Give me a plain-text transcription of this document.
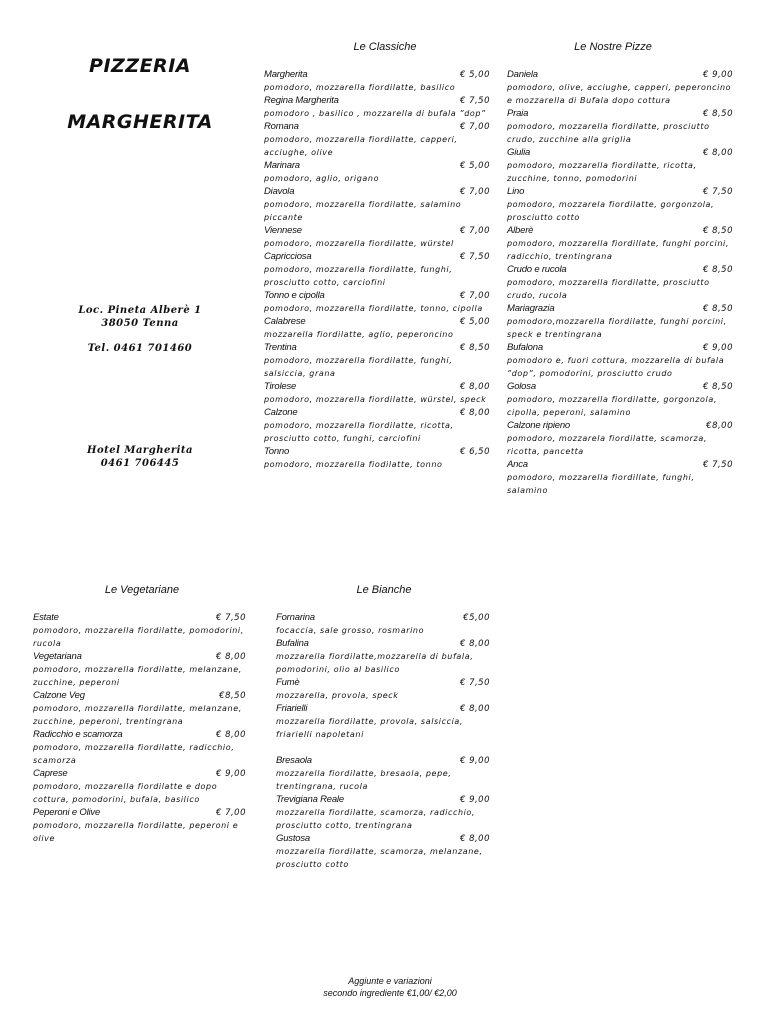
PIZZERIA
MARGHERITA
Loc. Pineta Alberè 1
38050 Tenna
Tel. 0461 701460
Hotel Margherita
0461 706445
Le Classiche	Le Nostre Pizze
Le Vegetariane	Le Bianche
Margherita	€ 5,00
pomodoro, mozzarella fiordilatte, basilico
Regina Margherita	€ 7,50
pomodoro , basilico , mozzarella di bufala ”dop”
Romana	€ 7,00
pomodoro, mozzarella fiordilatte, capperi, acciughe, olive
Marinara	€ 5,00
pomodoro, aglio, origano
Diavola	€ 7,00
pomodoro, mozzarella fiordilatte, salamino piccante
Viennese	€ 7,00
pomodoro, mozzarella fiordilatte, würstel
Capricciosa	€ 7,50
pomodoro, mozzarella fiordilatte, funghi, prosciutto cotto, carciofini
Tonno e cipolla	€ 7,00
pomodoro, mozzarella fiordilatte, tonno, cipolla
Calabrese	€ 5,00
mozzarella fiordilatte, aglio, peperoncino
Trentina	€ 8,50
pomodoro, mozzarella fiordilatte, funghi, salsiccia, grana
Tirolese	€ 8,00
pomodoro, mozzarella fiordilatte, würstel, speck
Calzone	€ 8,00
pomodoro, mozzarella fiordilatte, ricotta, prosciutto cotto, funghi, carciofini
Tonno	€ 6,50
pomodoro, mozzarella fiodilatte, tonno
Daniela	€ 9,00
pomodoro, olive, acciughe, capperi, peperoncino e mozzarella di Bufala dopo cottura
Praia	€ 8,50
pomodoro, mozzarella fiordilatte, prosciutto crudo, zucchine alla griglia
Giulia	€ 8,00
pomodoro, mozzarella fiordilatte, ricotta, zucchine, tonno, pomodorini
Lino	€ 7,50
pomodoro, mozzarela fiordilatte, gorgonzola, prosciutto cotto
Alberè	€ 8,50
pomodoro, mozzarella fiordillate, funghi porcini, radicchio, trentingrana
Crudo e rucola	€ 8,50
pomodoro, mozzarella fiordilatte, prosciutto crudo, rucola
Mariagrazia	€ 8,50
pomodoro,mozzarella fiordilatte, funghi porcini, speck e trentingrana
Bufalona	€ 9,00
pomodoro e, fuori cottura, mozzarella di bufala ”dop”, pomodorini, prosciutto crudo
Golosa	€ 8,50
pomodoro, mozzarella fiordilatte, gorgonzola, cipolla, peperoni, salamino
Calzone ripieno	€8,00
pomodoro, mozzarela fiordilatte, scamorza, ricotta, pancetta
Anca	€ 7,50
pomodoro, mozzarella fiordillate, funghi, salamino
Estate	€ 7,50
pomodoro, mozzarella fiordilatte, pomodorini, rucola
Vegetariana	€ 8,00
pomodoro, mozzarella fiordilatte, melanzane, zucchine, peperoni
Calzone Veg	€8,50
pomodoro, mozzarella fiordilatte, melanzane, zucchine, peperoni, trentingrana
Radicchio e scamorza	€ 8,00
pomodoro, mozzarella fiordilatte, radicchio, scamorza
Caprese	€ 9,00
pomodoro, mozzarella fiordilatte e dopo cottura, pomodorini, bufala, basilico
Peperoni e Olive	€ 7,00
pomodoro, mozzarella fiordilatte, peperoni e olive
Fornarina	€5,00
focaccia, sale grosso, rosmarino
Bufalina	€ 8,00
mozzarella fiordilatte,mozzarella di bufala, pomodorini, olio al basilico
Fumè	€ 7,50
mozzarella, provola, speck
Friarielli	€ 8,00
mozzarella fiordilatte, provola, salsiccia, friarielli napoletani
Bresaola	€ 9,00
mozzarella fiordilatte, bresaola, pepe, trentingrana, rucola
Trevigiana Reale	€ 9,00
mozzarella fiordilatte, scamorza, radicchio, prosciutto cotto, trentingrana
Gustosa	€ 8,00
mozzarella fiordilatte, scamorza, melanzane, prosciutto cotto
Aggiunte e variazioni
secondo ingrediente €1,00/ €2,00
